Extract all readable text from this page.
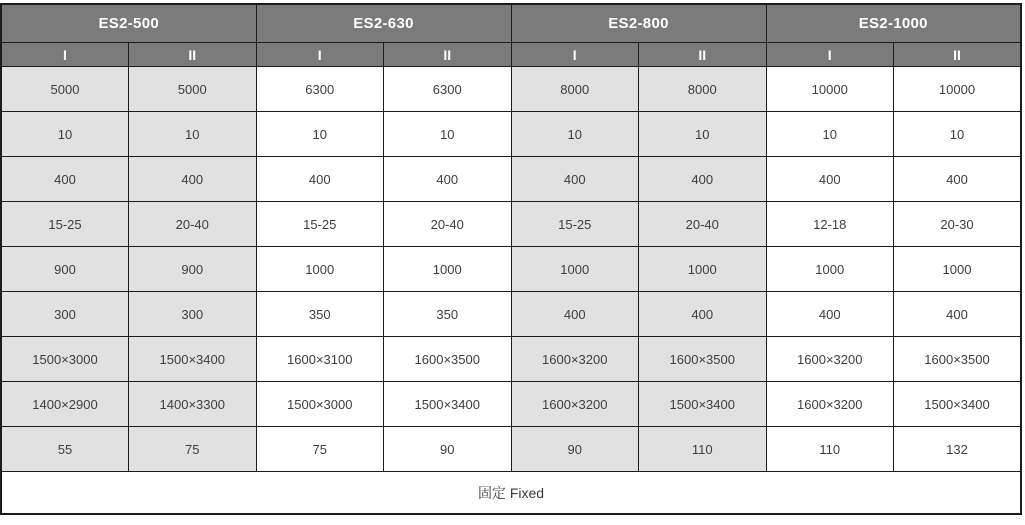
ES2-500		ES2-630		ES2-800		ES2-1000	
I	II	I	II	I	II	I	II
5000	5000	6300	6300	8000	8000	10000	10000
10	10	10	10	10	10	10	10
400	400	400	400	400	400	400	400
15-25	20-40	15-25	20-40	15-25	20-40	12-18	20-30
900	900	1000	1000	1000	1000	1000	1000
300	300	350	350	400	400	400	400
1500×3000	1500×3400	1600×3100	1600×3500	1600×3200	1600×3500	1600×3200	1600×3500
1400×2900	1400×3300	1500×3000	1500×3400	1600×3200	1500×3400	1600×3200	1500×3400
55	75	75	90	90	110	110	132
固定 Fixed							
